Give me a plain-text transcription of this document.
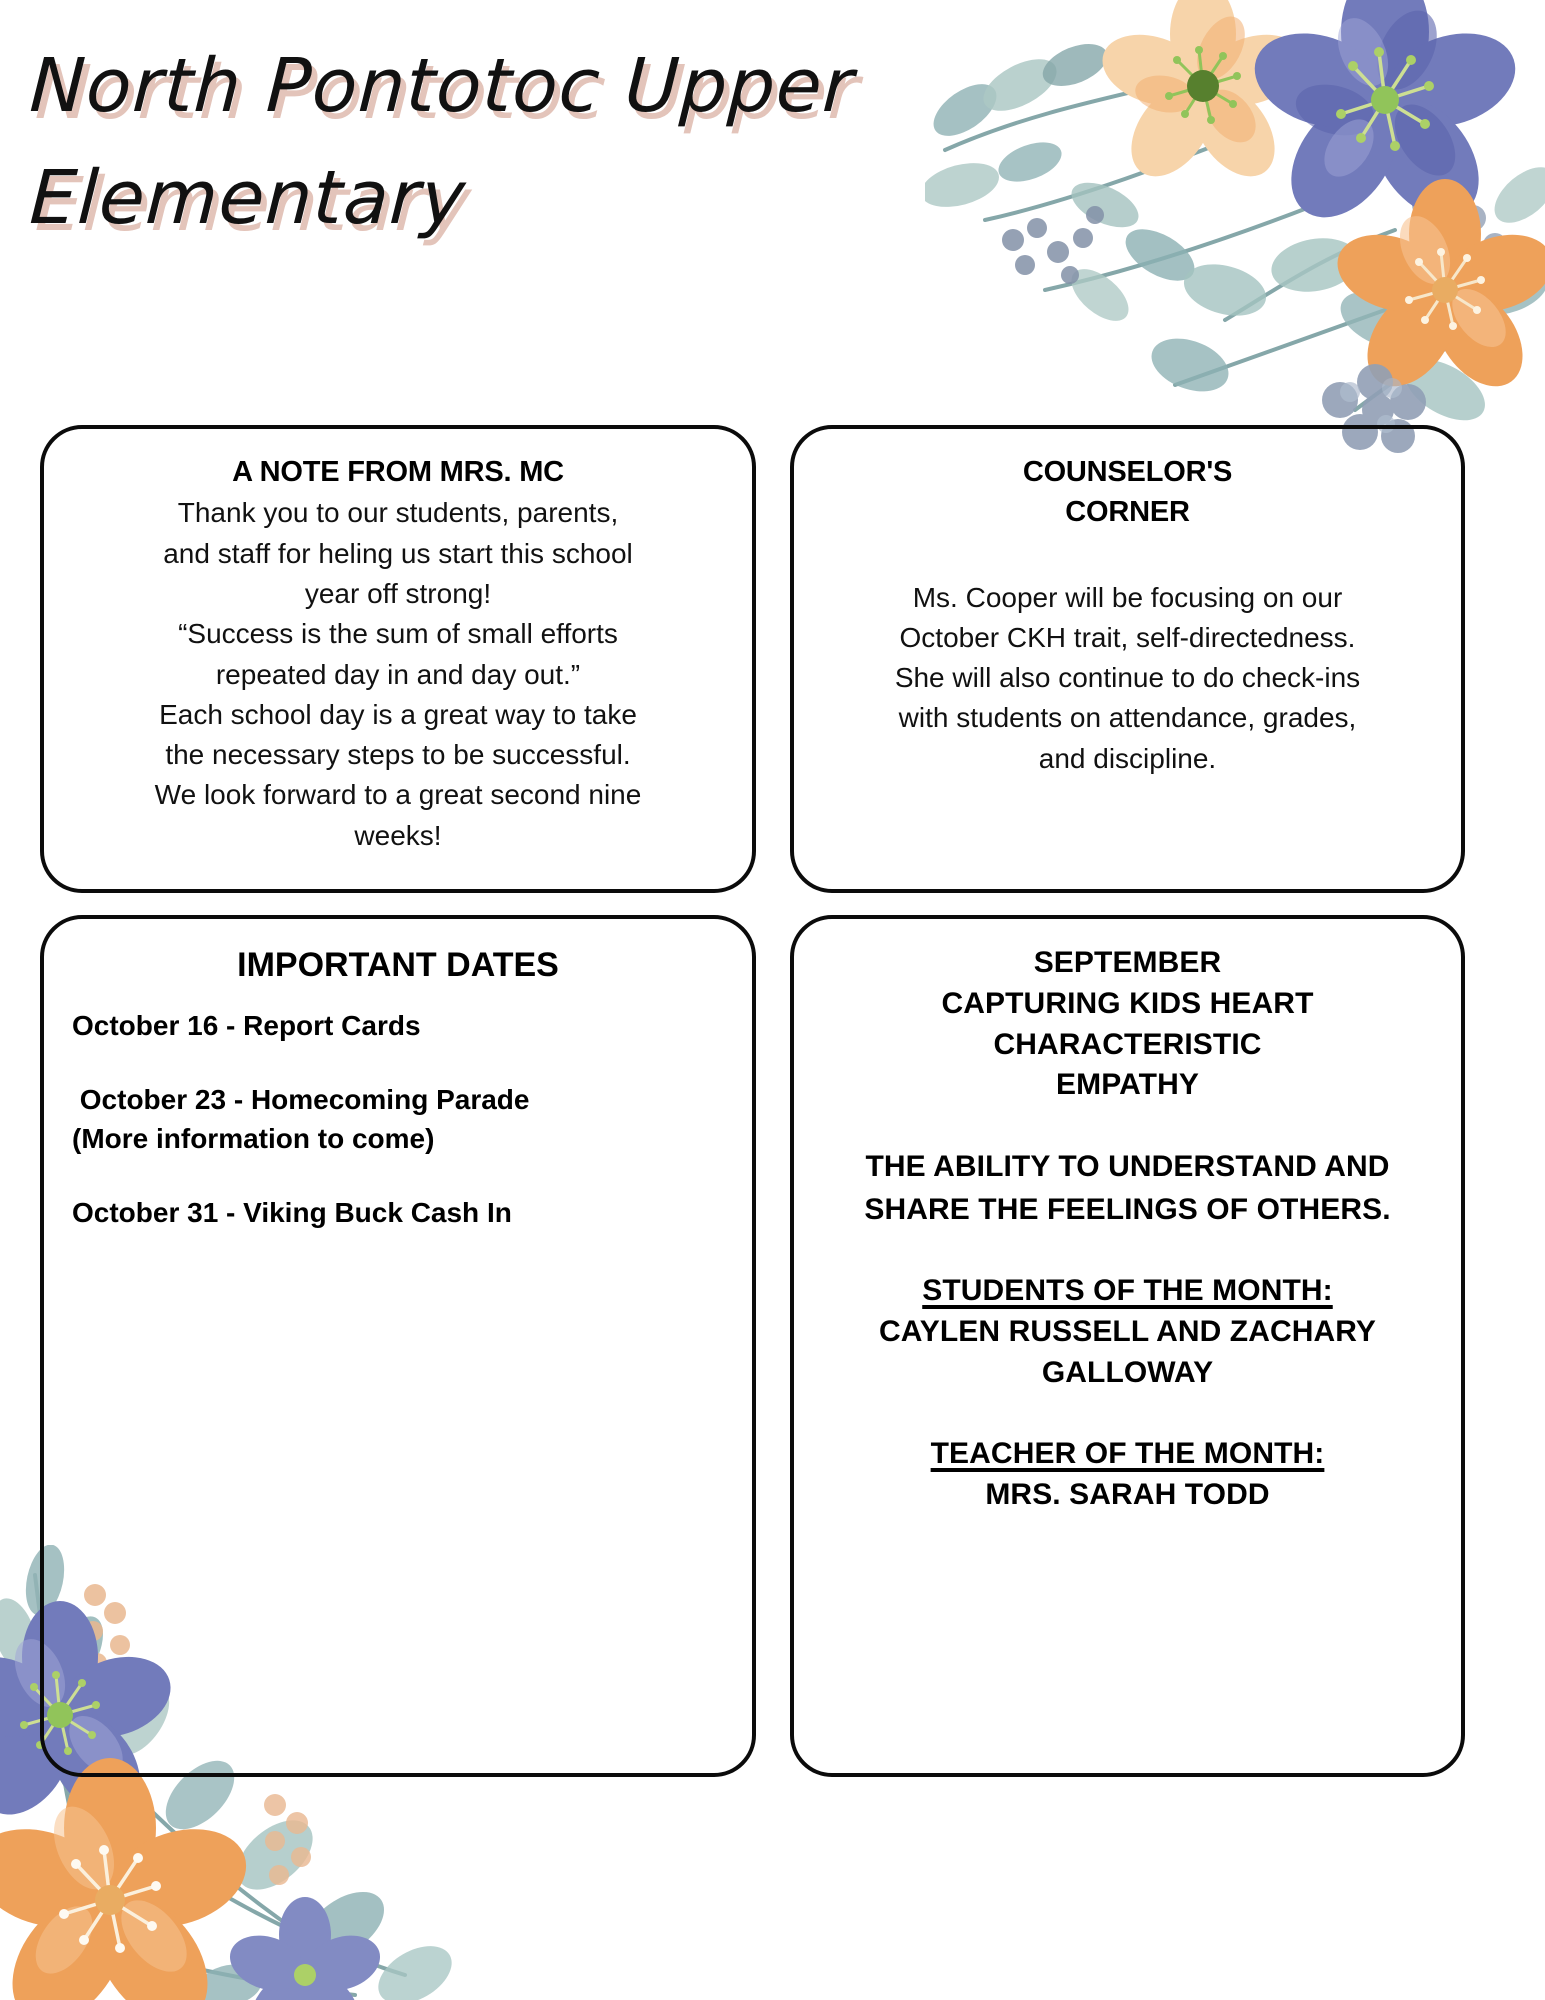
North Pontotoc Upper North Pontotoc Upper
Elementary Elementary
A NOTE FROM MRS. MC

Thank you to our students, parents,

and staff for heling us start this school

year off strong!

“Success is the sum of small efforts

repeated day in and day out.”

Each school day is a great way to take

the necessary steps to be successful.

We look forward to a great second nine

weeks!

COUNSELOR'S
CORNER

Ms. Cooper will be focusing on our

October CKH trait, self-directedness.

She will also continue to do check-ins

with students on attendance, grades,

and discipline.

IMPORTANT DATES
October 16 - Report Cards
October 23 - Homecoming Parade
(More information to come)
October 31 - Viking Buck Cash In

SEPTEMBER

CAPTURING KIDS HEART

CHARACTERISTIC

EMPATHY

THE ABILITY TO UNDERSTAND AND

SHARE THE FEELINGS OF OTHERS.

STUDENTS OF THE MONTH:

CAYLEN RUSSELL AND ZACHARY

GALLOWAY

TEACHER OF THE MONTH:

MRS. SARAH TODD
